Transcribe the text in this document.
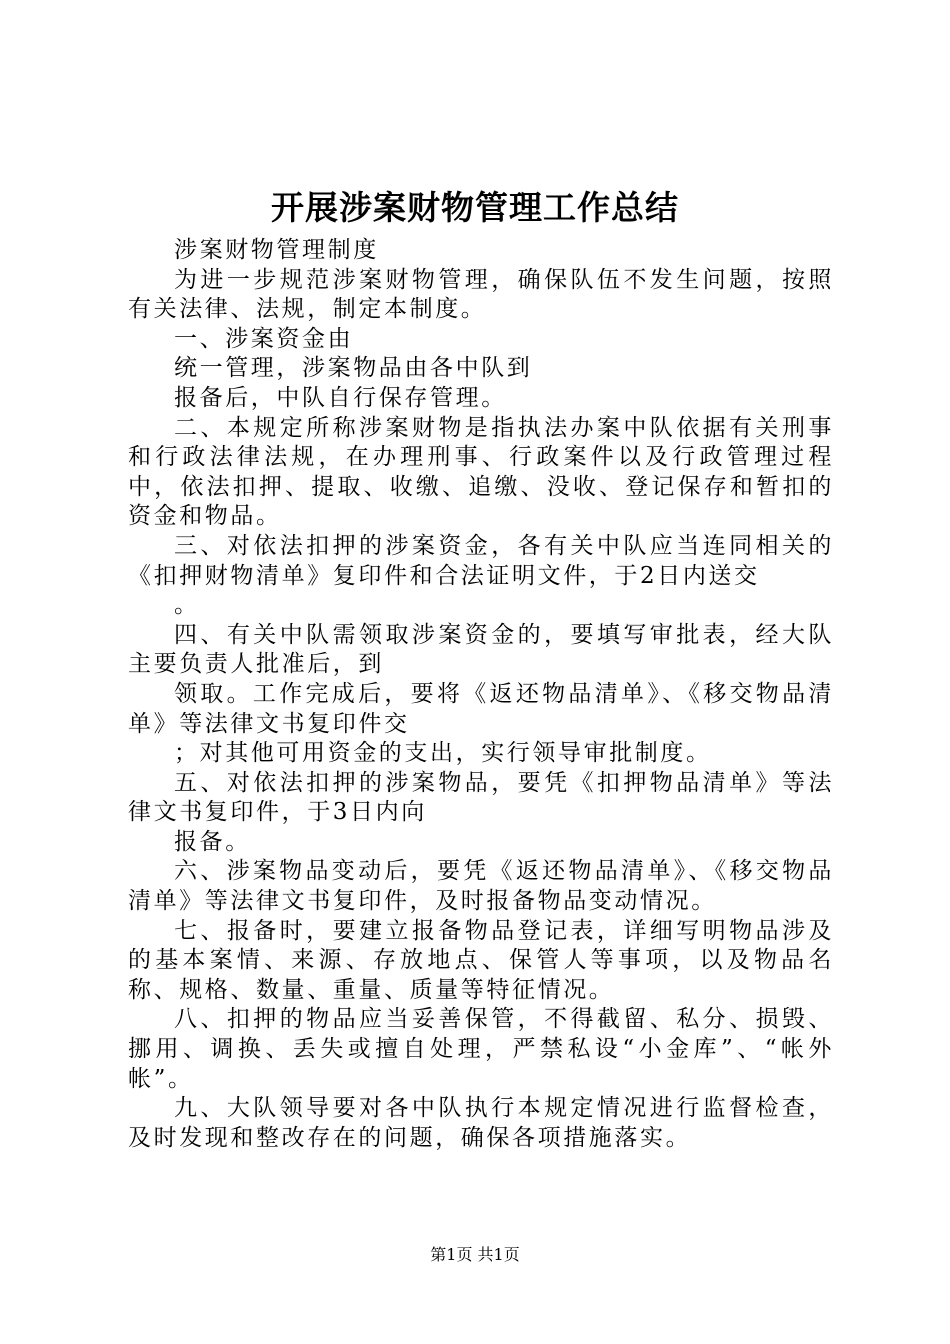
开展涉案财物管理工作总结

涉案财物管理制度

为进一步规范涉案财物管理，确保队伍不发生问题，按照有关法律、法规，制定本制度。

一、涉案资金由

统一管理，涉案物品由各中队到

报备后，中队自行保存管理。

二、本规定所称涉案财物是指执法办案中队依据有关刑事和行政法律法规，在办理刑事、行政案件以及行政管理过程中，依法扣押、提取、收缴、追缴、没收、登记保存和暂扣的资金和物品。

三、对依法扣押的涉案资金，各有关中队应当连同相关的《扣押财物清单》复印件和合法证明文件，于2日内送交

。

四、有关中队需领取涉案资金的，要填写审批表，经大队主要负责人批准后，到

领取。工作完成后，要将《返还物品清单》、《移交物品清单》等法律文书复印件交

；对其他可用资金的支出，实行领导审批制度。

五、对依法扣押的涉案物品，要凭《扣押物品清单》等法律文书复印件，于3日内向

报备。

六、涉案物品变动后，要凭《返还物品清单》、《移交物品清单》等法律文书复印件，及时报备物品变动情况。

七、报备时，要建立报备物品登记表，详细写明物品涉及的基本案情、来源、存放地点、保管人等事项，以及物品名称、规格、数量、重量、质量等特征情况。

八、扣押的物品应当妥善保管，不得截留、私分、损毁、挪用、调换、丢失或擅自处理，严禁私设“小金库”、“帐外帐”。

九、大队领导要对各中队执行本规定情况进行监督检查，及时发现和整改存在的问题，确保各项措施落实。

第1页 共1页
